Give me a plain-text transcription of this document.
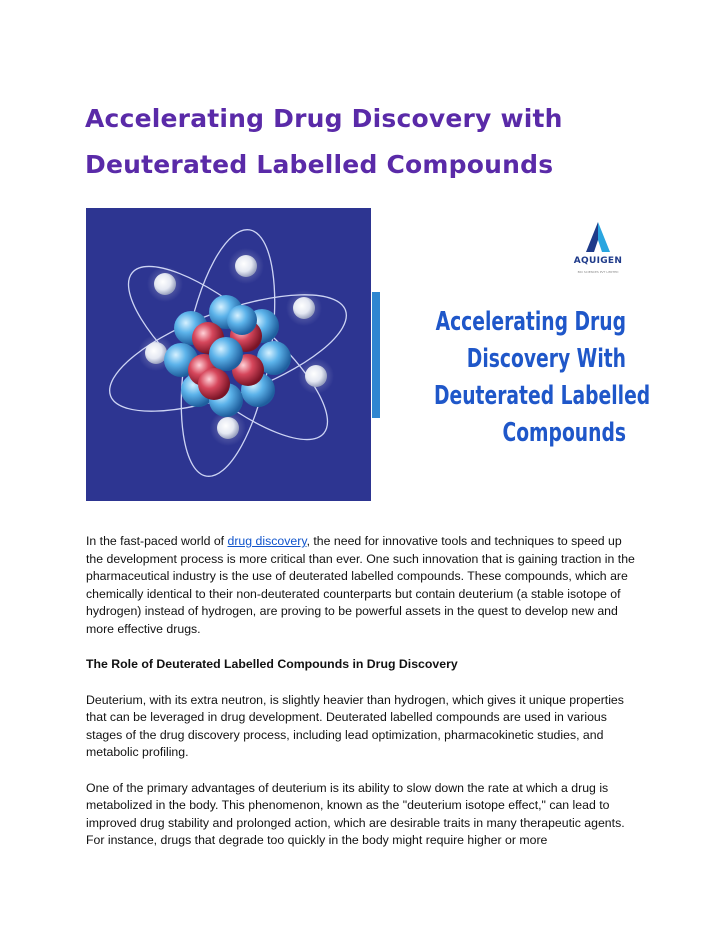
Accelerating Drug Discovery with Deuterated Labelled Compounds
AQUIGEN
BIO SCIENCES PVT LIMITED
Accelerating Drug
Discovery With
Deuterated Labelled
Compounds

In the fast-paced world of drug discovery, the need for innovative tools and techniques to speed up the development process is more critical than ever. One such innovation that is gaining traction in the pharmaceutical industry is the use of deuterated labelled compounds. These compounds, which are chemically identical to their non-deuterated counterparts but contain deuterium (a stable isotope of hydrogen) instead of hydrogen, are proving to be powerful assets in the quest to develop new and more effective drugs.

The Role of Deuterated Labelled Compounds in Drug Discovery

Deuterium, with its extra neutron, is slightly heavier than hydrogen, which gives it unique properties that can be leveraged in drug development. Deuterated labelled compounds are used in various stages of the drug discovery process, including lead optimization, pharmacokinetic studies, and metabolic profiling.

One of the primary advantages of deuterium is its ability to slow down the rate at which a drug is metabolized in the body. This phenomenon, known as the "deuterium isotope effect," can lead to improved drug stability and prolonged action, which are desirable traits in many therapeutic agents. For instance, drugs that degrade too quickly in the body might require higher or more
